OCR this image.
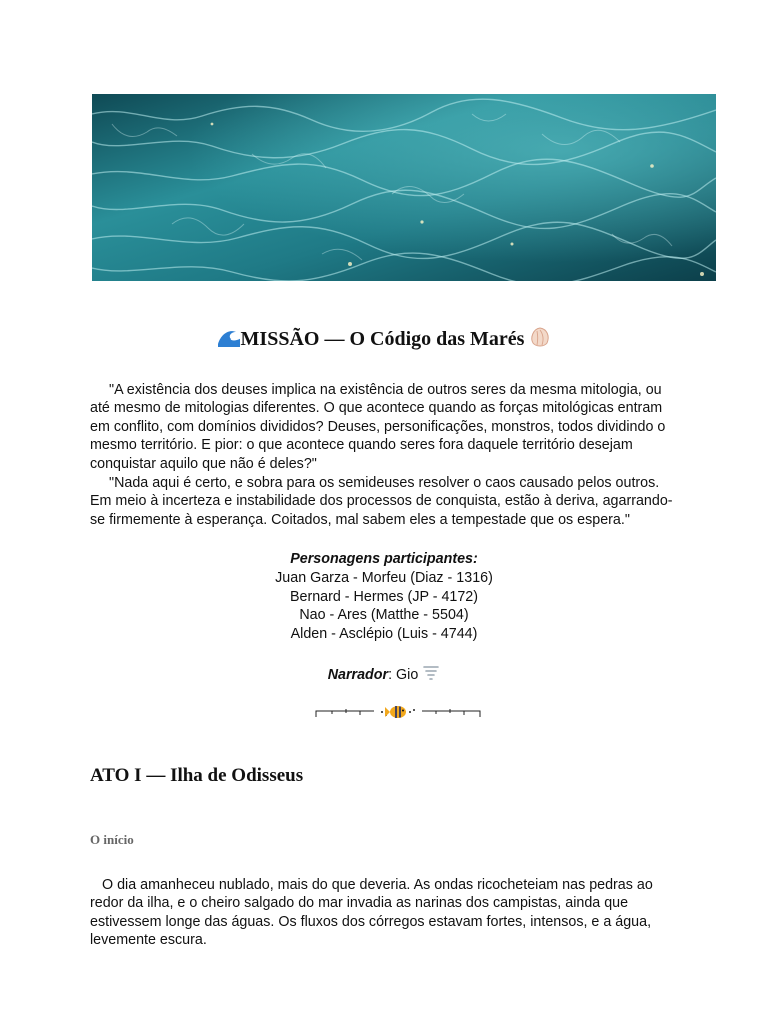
MISSÃO — O Código das Marés
"A existência dos deuses implica na existência de outros seres da mesma mitologia, ou até mesmo de mitologias diferentes. O que acontece quando as forças mitológicas entram em conflito, com domínios divididos? Deuses, personificações, monstros, todos dividindo o mesmo território. E pior: o que acontece quando seres fora daquele território desejam conquistar aquilo que não é deles?"
"Nada aqui é certo, e sobra para os semideuses resolver o caos causado pelos outros. Em meio à incerteza e instabilidade dos processos de conquista, estão à deriva, agarrando-se firmemente à esperança. Coitados, mal sabem eles a tempestade que os espera."
Personagens participantes:
Juan Garza - Morfeu (Diaz - 1316)
Bernard - Hermes (JP - 4172)
Nao - Ares (Matthe - 5504)
Alden - Asclépio (Luis - 4744)
Narrador: Gio
ATO I — Ilha de Odisseus
O início
O dia amanheceu nublado, mais do que deveria. As ondas ricocheteiam nas pedras ao redor da ilha, e o cheiro salgado do mar invadia as narinas dos campistas, ainda que estivessem longe das águas. Os fluxos dos córregos estavam fortes, intensos, e a água, levemente escura.
